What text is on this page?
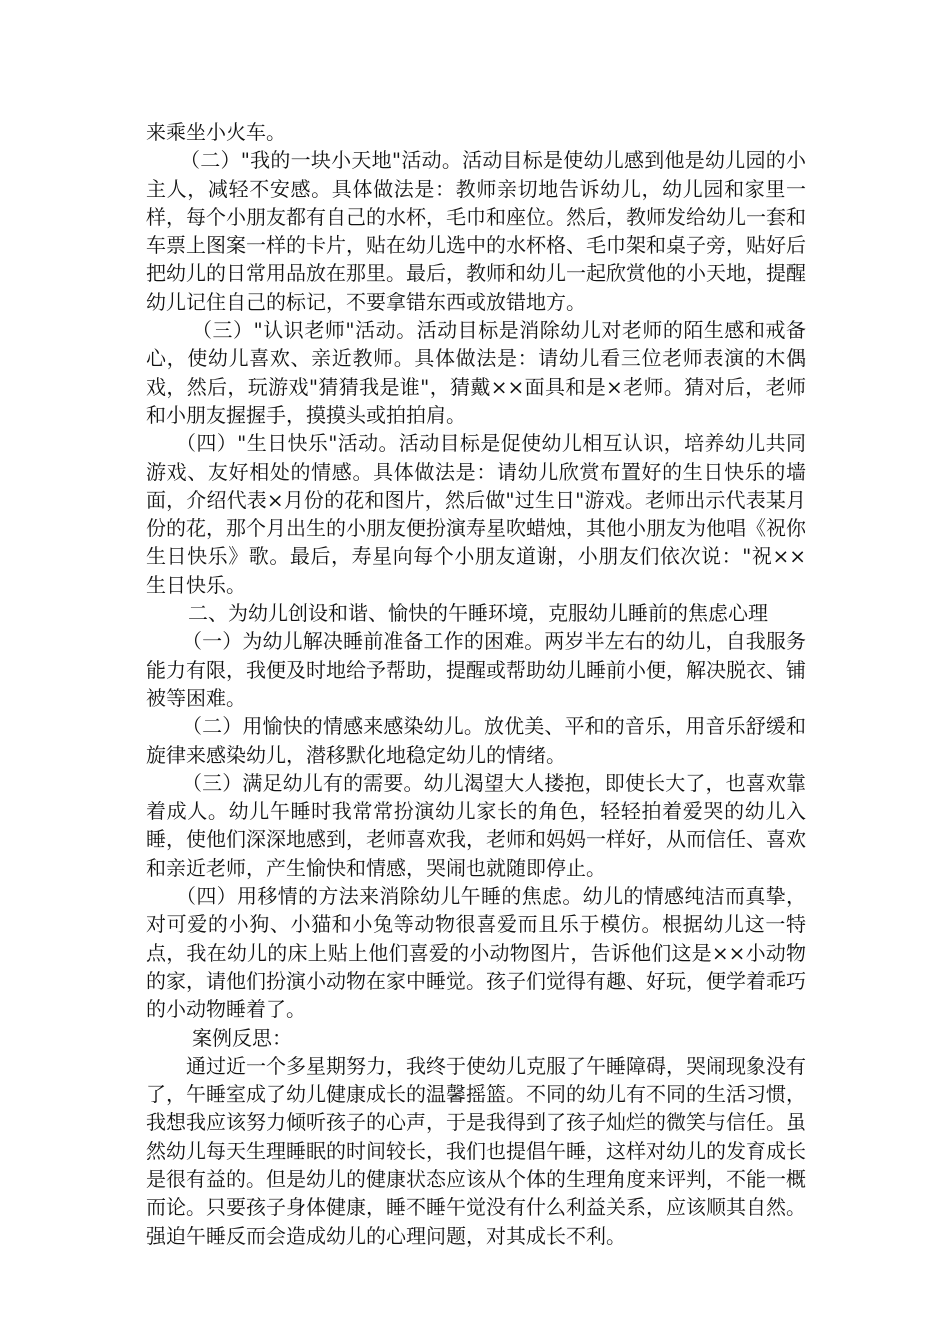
来乘坐小火车。

（二）"我的一块小天地"活动。活动目标是使幼儿感到他是幼儿园的小主人，减轻不安感。具体做法是：教师亲切地告诉幼儿，幼儿园和家里一样，每个小朋友都有自己的水杯，毛巾和座位。然后，教师发给幼儿一套和车票上图案一样的卡片，贴在幼儿选中的水杯格、毛巾架和桌子旁，贴好后把幼儿的日常用品放在那里。最后，教师和幼儿一起欣赏他的小天地，提醒幼儿记住自己的标记，不要拿错东西或放错地方。

（三）"认识老师"活动。活动目标是消除幼儿对老师的陌生感和戒备心，使幼儿喜欢、亲近教师。具体做法是：请幼儿看三位老师表演的木偶戏，然后，玩游戏"猜猜我是谁"，猜戴××面具和是×老师。猜对后，老师和小朋友握握手，摸摸头或拍拍肩。

（四）"生日快乐"活动。活动目标是促使幼儿相互认识，培养幼儿共同游戏、友好相处的情感。具体做法是：请幼儿欣赏布置好的生日快乐的墙面，介绍代表×月份的花和图片，然后做"过生日"游戏。老师出示代表某月份的花，那个月出生的小朋友便扮演寿星吹蜡烛，其他小朋友为他唱《祝你生日快乐》歌。最后，寿星向每个小朋友道谢，小朋友们依次说："祝××生日快乐。

二、为幼儿创设和谐、愉快的午睡环境，克服幼儿睡前的焦虑心理

（一）为幼儿解决睡前准备工作的困难。两岁半左右的幼儿，自我服务能力有限，我便及时地给予帮助，提醒或帮助幼儿睡前小便，解决脱衣、铺被等困难。

（二）用愉快的情感来感染幼儿。放优美、平和的音乐，用音乐舒缓和旋律来感染幼儿，潜移默化地稳定幼儿的情绪。

（三）满足幼儿有的需要。幼儿渴望大人搂抱，即使长大了，也喜欢靠着成人。幼儿午睡时我常常扮演幼儿家长的角色，轻轻拍着爱哭的幼儿入睡，使他们深深地感到，老师喜欢我，老师和妈妈一样好，从而信任、喜欢和亲近老师，产生愉快和情感，哭闹也就随即停止。

（四）用移情的方法来消除幼儿午睡的焦虑。幼儿的情感纯洁而真挚，对可爱的小狗、小猫和小兔等动物很喜爱而且乐于模仿。根据幼儿这一特点，我在幼儿的床上贴上他们喜爱的小动物图片，告诉他们这是××小动物的家，请他们扮演小动物在家中睡觉。孩子们觉得有趣、好玩，便学着乖巧的小动物睡着了。

案例反思：

通过近一个多星期努力，我终于使幼儿克服了午睡障碍，哭闹现象没有了，午睡室成了幼儿健康成长的温馨摇篮。不同的幼儿有不同的生活习惯，我想我应该努力倾听孩子的心声，于是我得到了孩子灿烂的微笑与信任。虽然幼儿每天生理睡眠的时间较长，我们也提倡午睡，这样对幼儿的发育成长是很有益的。但是幼儿的健康状态应该从个体的生理角度来评判，不能一概而论。只要孩子身体健康，睡不睡午觉没有什么利益关系，应该顺其自然。强迫午睡反而会造成幼儿的心理问题，对其成长不利。
